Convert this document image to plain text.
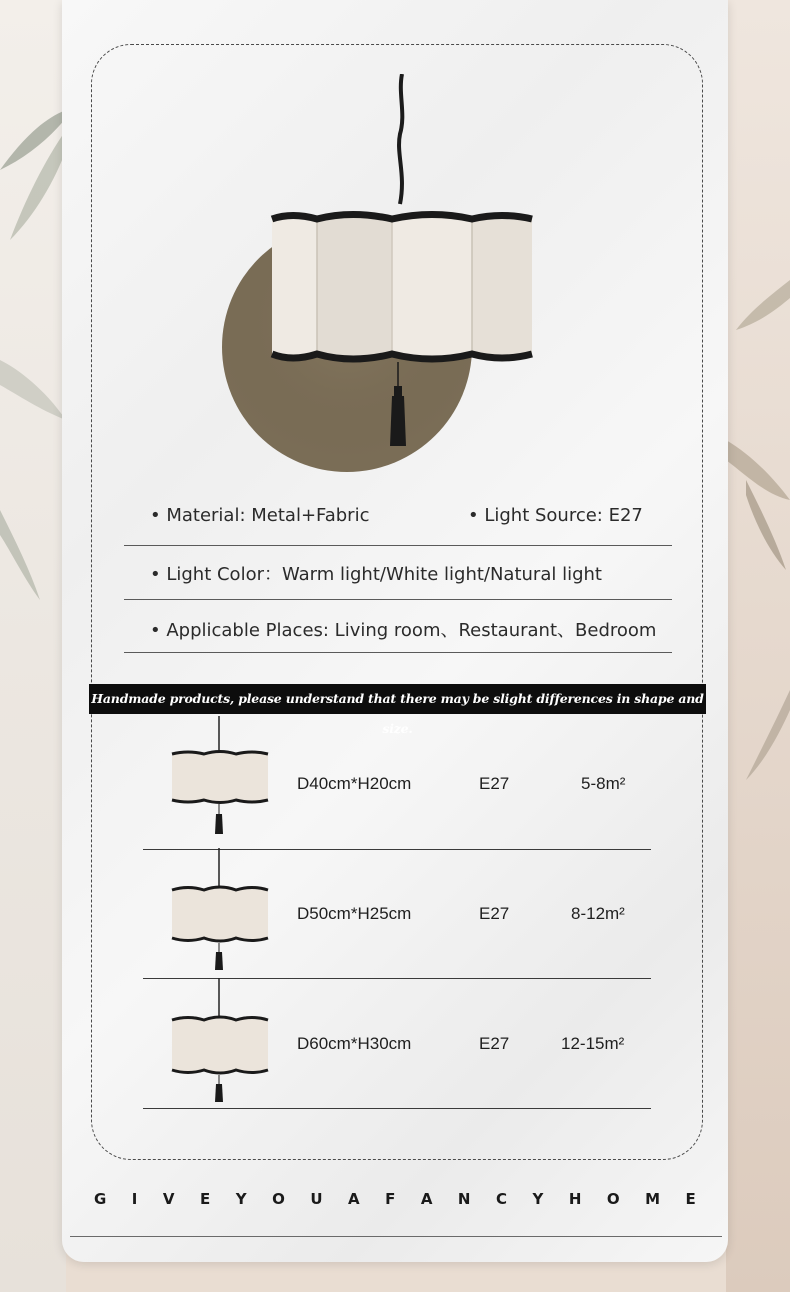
• Material: Metal+Fabric	• Light Source: E27
• Light Color：Warm light/White light/Natural light
• Applicable Places: Living room、Restaurant、Bedroom
Handmade products, please understand that there may be slight differences in shape and size.
D40cm*H20cm	E27	5-8m²
D50cm*H25cm	E27	8-12m²
D60cm*H30cm	E27	12-15m²
G I V E Y O U A F A N C Y H O M E
